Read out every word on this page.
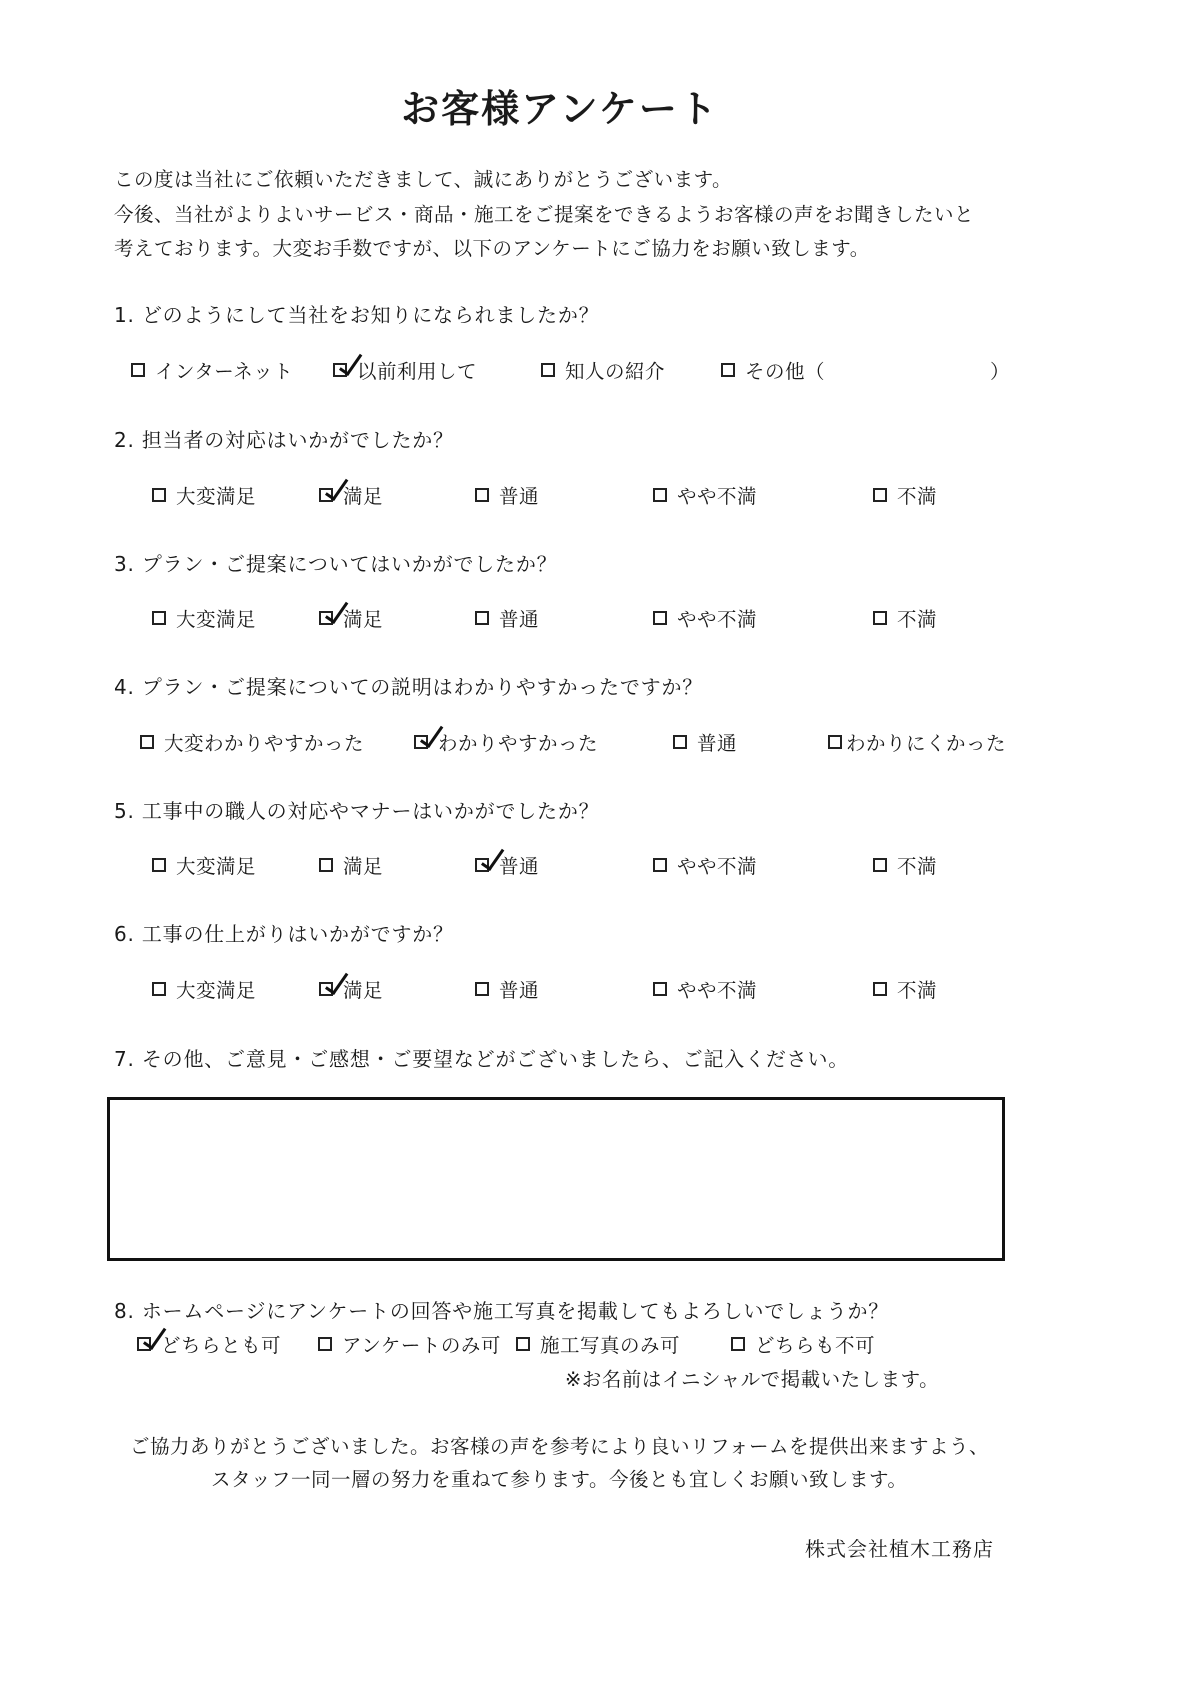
お客様アンケート
この度は当社にご依頼いただきまして、誠にありがとうございます。
今後、当社がよりよいサービス・商品・施工をご提案をできるようお客様の声をお聞きしたいと
考えております。大変お手数ですが、以下のアンケートにご協力をお願い致します。
1. どのようにして当社をお知りになられましたか？
インターネット	以前利用して	知人の紹介	その他（	）
2. 担当者の対応はいかがでしたか？
大変満足	満足	普通	やや不満	不満
3. プラン・ご提案についてはいかがでしたか？
大変満足	満足	普通	やや不満	不満
4. プラン・ご提案についての説明はわかりやすかったですか？
大変わかりやすかった	わかりやすかった	普通	わかりにくかった
5. 工事中の職人の対応やマナーはいかがでしたか？
大変満足	満足	普通	やや不満	不満
6. 工事の仕上がりはいかがですか？
大変満足	満足	普通	やや不満	不満
7. その他、ご意見・ご感想・ご要望などがございましたら、ご記入ください。
8. ホームページにアンケートの回答や施工写真を掲載してもよろしいでしょうか？
どちらとも可	アンケートのみ可 施工写真のみ可	どちらも不可
※お名前はイニシャルで掲載いたします。
ご協力ありがとうございました。お客様の声を参考により良いリフォームを提供出来ますよう、
スタッフ一同一層の努力を重ねて参ります。今後とも宜しくお願い致します。
株式会社植木工務店
